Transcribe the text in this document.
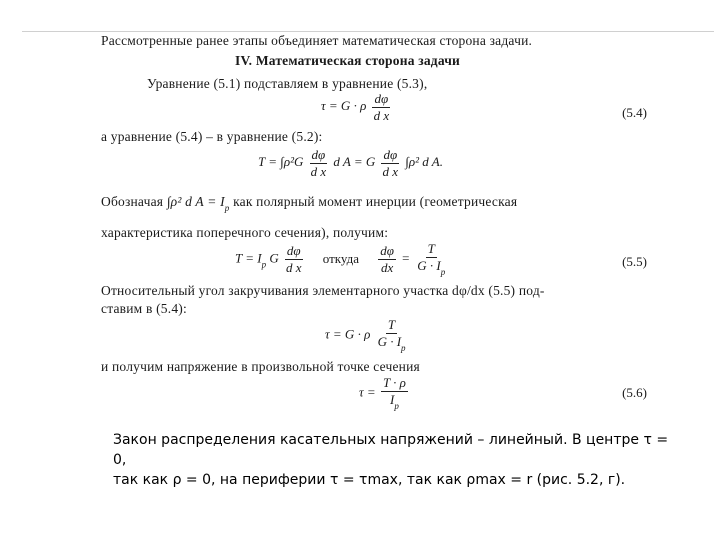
Рассмотренные ранее этапы объединяет математическая сторона задачи.
IV. Математическая сторона задачи
Уравнение (5.1) подставляем в уравнение (5.3),
τ = G · ρ $\frac{d\varphi}{\text{d x}}$	(5.4)
а уравнение (5.4) – в уравнение (5.2):
$T = \int\rho^2G \frac{d\varphi}{\text{d x}}$ d A = G $\frac{d\varphi}{\text{d x}} \int\rho^2$ d A.
Обозначая ∫ρ² d $A = I_p$ как полярный момент инерции (геометрическая
характеристика поперечного сечения), получим:
$T = I_p$ G $\frac{d\varphi}{\text{d x}}$ откуда $\frac{d\varphi}{dx} = \frac{T}{G \cdot I_p}$	(5.5)
Относительный угол закручивания элементарного участка dφ/dx (5.5) под-
ставим в (5.4):
τ = G · ρ $\frac{T}{G \cdot I_p}$
и получим напряжение в произвольной точке сечения
$\tau = \frac{T \cdot \rho}{I_p}$	(5.6)

Закон распределения касательных напряжений – линейный. В центре τ = 0,

так как ρ = 0, на периферии τ = τmax, так как ρmax = r (рис. 5.2, г).
